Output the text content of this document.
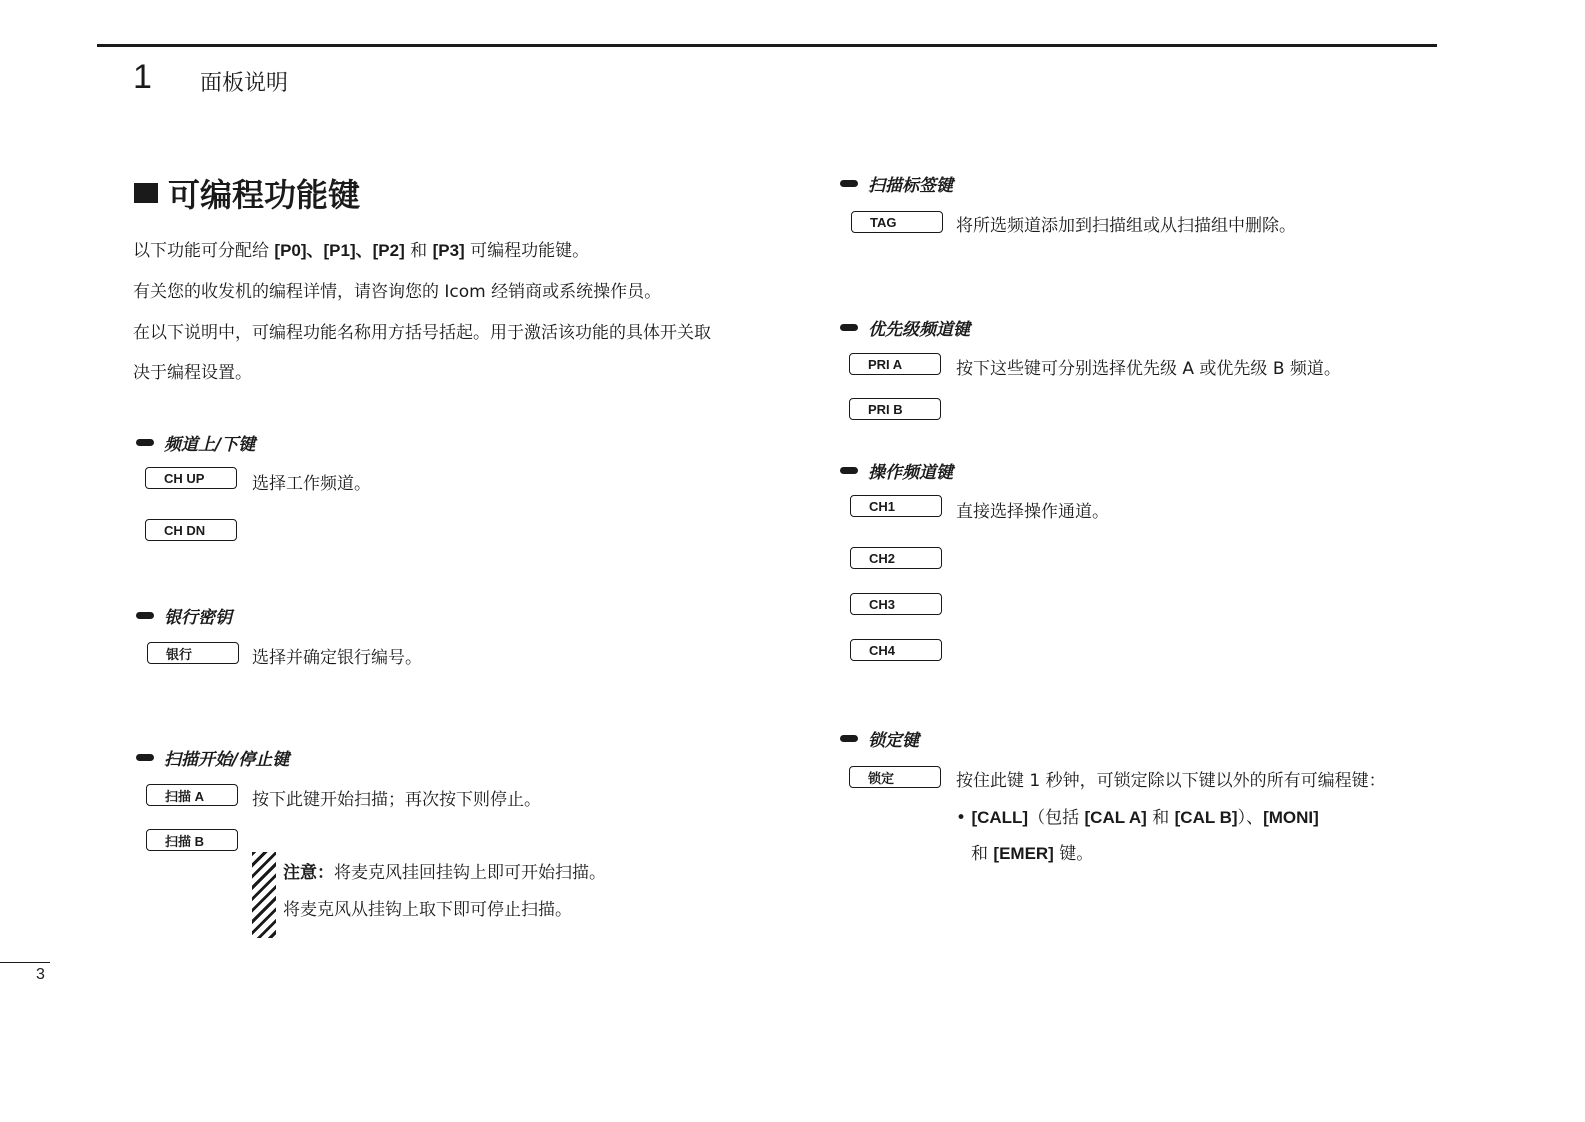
1 面板说明
可编程功能键
以下功能可分配给 [P0]、[P1]、[P2] 和 [P3] 可编程功能键。
有关您的收发机的编程详情，请咨询您的 Icom 经销商或系统操作员。
在以下说明中，可编程功能名称用方括号括起。用于激活该功能的具体开关取
决于编程设置。
频道上/下键
CH UP	选择工作频道。
CH DN
银行密钥
银行	选择并确定银行编号。
扫描开始/停止键
扫描 A	按下此键开始扫描；再次按下则停止。
扫描 B
注意：将麦克风挂回挂钩上即可开始扫描。
将麦克风从挂钩上取下即可停止扫描。
扫描标签键
TAG	将所选频道添加到扫描组或从扫描组中删除。
优先级频道键
PRI A	按下这些键可分别选择优先级 A 或优先级 B 频道。
PRI B
操作频道键
CH1	直接选择操作通道。
CH2
CH3
CH4
锁定键
锁定	按住此键 1 秒钟，可锁定除以下键以外的所有可编程键：
• [CALL]（包括 [CAL A] 和 [CAL B]）、[MONI]
和 [EMER] 键。
3
